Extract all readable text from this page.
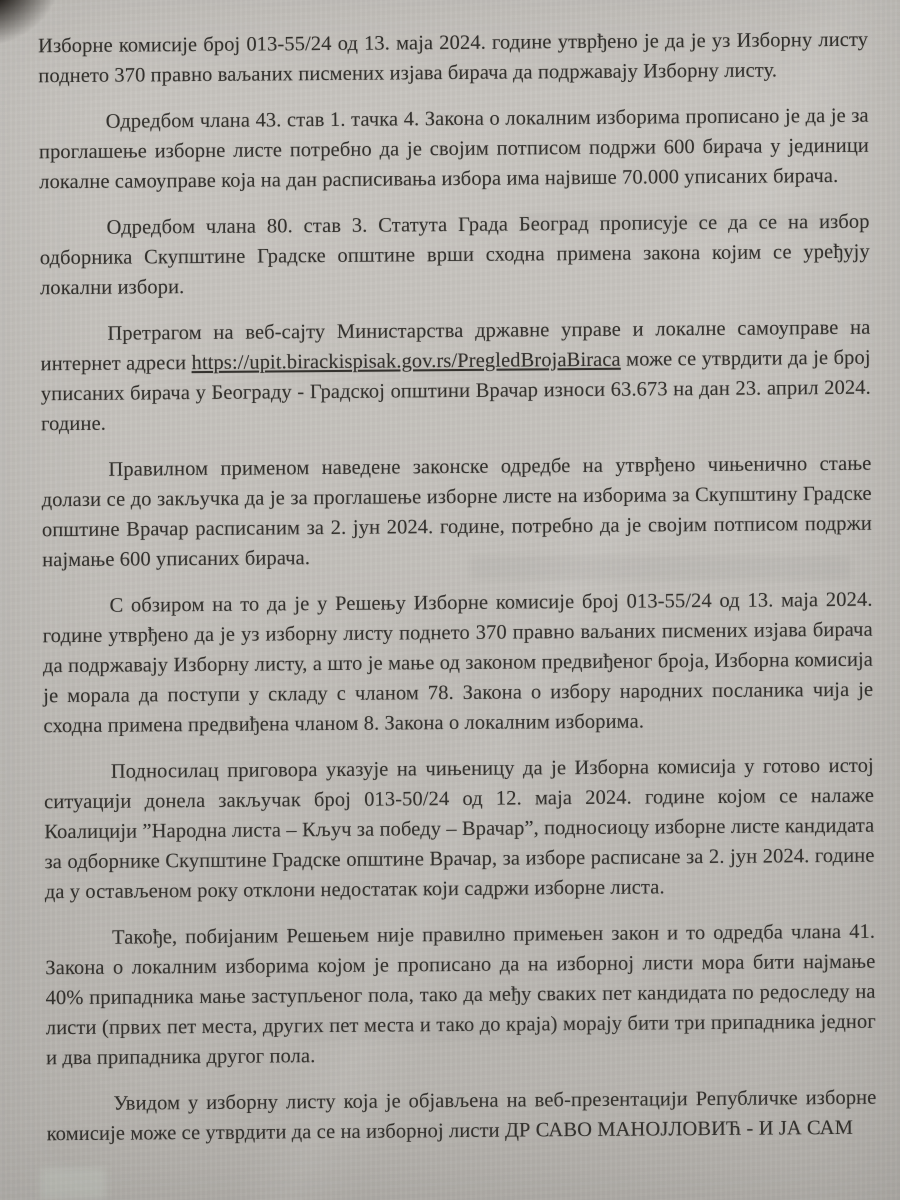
Изборне комисије број 013-55/24 од 13. маја 2024. године утврђено је да је уз Изборну листу поднето 370 правно ваљаних писмених изјава бирача да подржавају Изборну листу.

Одредбом члана 43. став 1. тачка 4. Закона о локалним изборима прописано је да је за проглашење изборне листе потребно да је својим потписом подржи 600 бирача у јединици локалне самоуправе која на дан расписивања избора има највише 70.000 уписаних бирача.

Одредбом члана 80. став 3. Статута Града Београд прописује се да се на избор одборника Скупштине Градске општине врши сходна примена закона којим се уређују локални избори.

Претрагом на веб-сајту Министарства државне управе и локалне самоуправе на интернет адреси https://upit.birackispisak.gov.rs/PregledBrojaBiraca може се утврдити да је број уписаних бирача у Београду - Градској општини Врачар износи 63.673 на дан 23. април 2024. године.

Правилном применом наведене законске одредбе на утврђено чињенично стање долази се до закључка да је за проглашење изборне листе на изборима за Скупштину Градске општине Врачар расписаним за 2. јун 2024. године, потребно да је својим потписом подржи најмање 600 уписаних бирача.

С обзиром на то да је у Решењу Изборне комисије број 013-55/24 од 13. маја 2024. године утврђено да је уз изборну листу поднето 370 правно ваљаних писмених изјава бирача да подржавају Изборну листу, а што је мање од законом предвиђеног броја, Изборна комисија је морала да поступи у складу с чланом 78. Закона о избору народних посланика чија је сходна примена предвиђена чланом 8. Закона о локалним изборима.

Подносилац приговора указује на чињеницу да је Изборна комисија у готово истој ситуацији донела закључак број 013-50/24 од 12. маја 2024. године којом се налаже Коалицији ”Народна листа – Кључ за победу – Врачар”, подносиоцу изборне листе кандидата за одборнике Скупштине Градске општине Врачар, за изборе расписане за 2. јун 2024. године да у остављеном року отклони недостатак који садржи изборне листа.

Такође, побијаним Решењем није правилно примењен закон и то одредба члана 41. Закона о локалним изборима којом је прописано да на изборној листи мора бити најмање 40% припадника мање заступљеног пола, тако да међу сваких пет кандидата по редоследу на листи (првих пет места, других пет места и тако до краја) морају бити три припадника једног и два припадника другог пола.

Увидом у изборну листу која је објављена на веб-презентацији Републичке изборне комисије може се утврдити да се на изборној листи ДР САВО МАНОЈЛОВИЋ - И ЈА САМ
